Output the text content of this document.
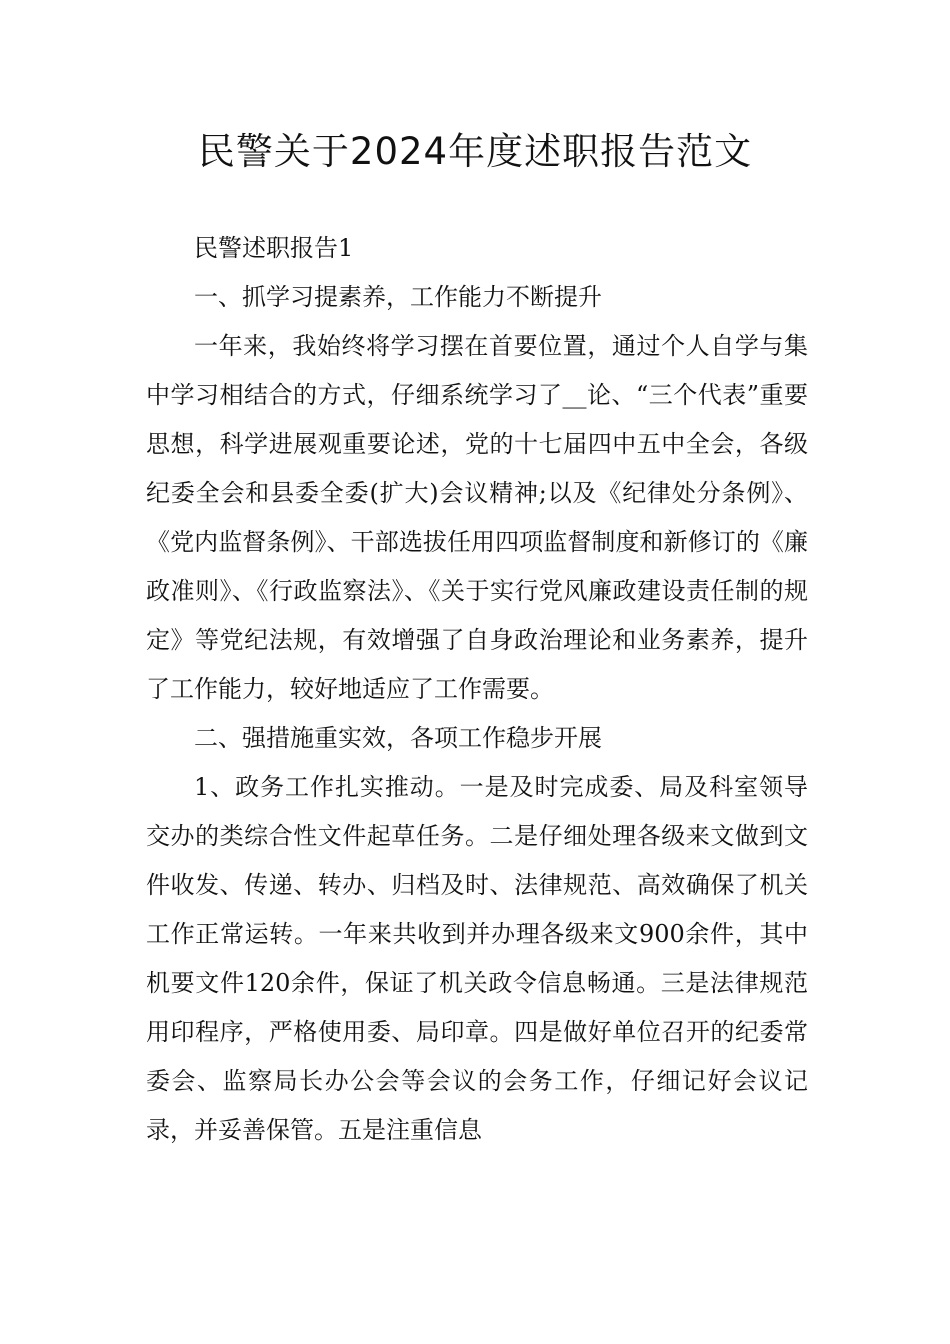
民警关于2024年度述职报告范文

民警述职报告1

一、抓学习提素养，工作能力不断提升

一年来，我始终将学习摆在首要位置，通过个人自学与集中学习相结合的方式，仔细系统学习了__论、“三个代表”重要思想，科学进展观重要论述，党的十七届四中五中全会，各级纪委全会和县委全委(扩大)会议精神;以及《纪律处分条例》、《党内监督条例》、干部选拔任用四项监督制度和新修订的《廉政准则》、《行政监察法》、《关于实行党风廉政建设责任制的规定》等党纪法规，有效增强了自身政治理论和业务素养，提升了工作能力，较好地适应了工作需要。

二、强措施重实效，各项工作稳步开展

1、政务工作扎实推动。一是及时完成委、局及科室领导交办的类综合性文件起草任务。二是仔细处理各级来文做到文件收发、传递、转办、归档及时、法律规范、高效确保了机关工作正常运转。一年来共收到并办理各级来文900余件，其中机要文件120余件，保证了机关政令信息畅通。三是法律规范用印程序，严格使用委、局印章。四是做好单位召开的纪委常委会、监察局长办公会等会议的会务工作，仔细记好会议记录，并妥善保管。五是注重信息
